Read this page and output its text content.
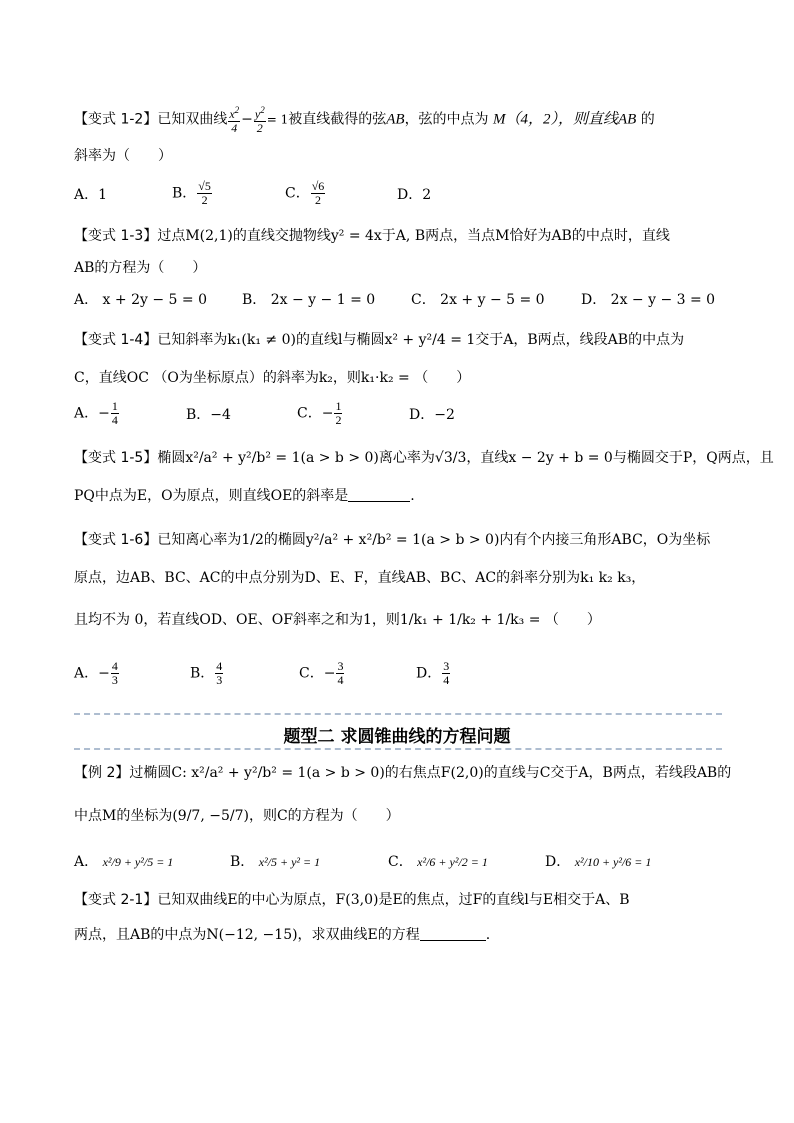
【变式 1-2】已知双曲线 $\frac{x^2}{4} - \frac{y^2}{2} = 1$被直线截得的弦AB，弦的中点为 M（4，2），则直线AB 的
斜率为（　　）
A．1	B． $\frac{√5}{2}$	C． $\frac{√6}{2}$	D．2
【变式 1-3】过点M(2,1)的直线交抛物线y² = 4x于A, B两点，当点M恰好为AB的中点时，直线
AB的方程为（　　）
A． x + 2y − 5 = 0	B． 2x − y − 1 = 0	C． 2x + y − 5 = 0	D． 2x − y − 3 = 0
【变式 1-4】已知斜率为k₁(k₁ ≠ 0)的直线l与椭圆x² + y²/4 = 1交于A，B两点，线段AB的中点为
C，直线OC （O为坐标原点）的斜率为k₂，则k₁·k₂ = （　　）
A．− $\frac{1}{4}$	B．−4	C．− $\frac{1}{2}$	D．−2
【变式 1-5】椭圆x²/a² + y²/b² = 1(a > b > 0)离心率为√3/3，直线x − 2y + b = 0与椭圆交于P，Q两点，且
PQ中点为E，O为原点，则直线OE的斜率是	.
【变式 1-6】已知离心率为1/2的椭圆y²/a² + x²/b² = 1(a > b > 0)内有个内接三角形ABC，O为坐标
原点，边AB、BC、AC的中点分别为D、E、F，直线AB、BC、AC的斜率分别为k₁ k₂ k₃，
且均不为 0，若直线OD、OE、OF斜率之和为1，则1/k₁ + 1/k₂ + 1/k₃ = （　　）
A．− $\frac{4}{3}$	B． $\frac{4}{3}$	C．− $\frac{3}{4}$	D． $\frac{3}{4}$
题型二 求圆锥曲线的方程问题
【例 2】过椭圆C: x²/a² + y²/b² = 1(a > b > 0)的右焦点F(2,0)的直线与C交于A，B两点，若线段AB的
中点M的坐标为(9/7, −5/7)，则C的方程为（　　）
A． x²/9 + y²/5 = 1	B． x²/5 + y² = 1	C． x²/6 + y²/2 = 1	D． x²/10 + y²/6 = 1
【变式 2-1】已知双曲线E的中心为原点，F(3,0)是E的焦点，过F的直线l与E相交于A、B
两点，且AB的中点为N(−12, −15)，求双曲线E的方程	.
